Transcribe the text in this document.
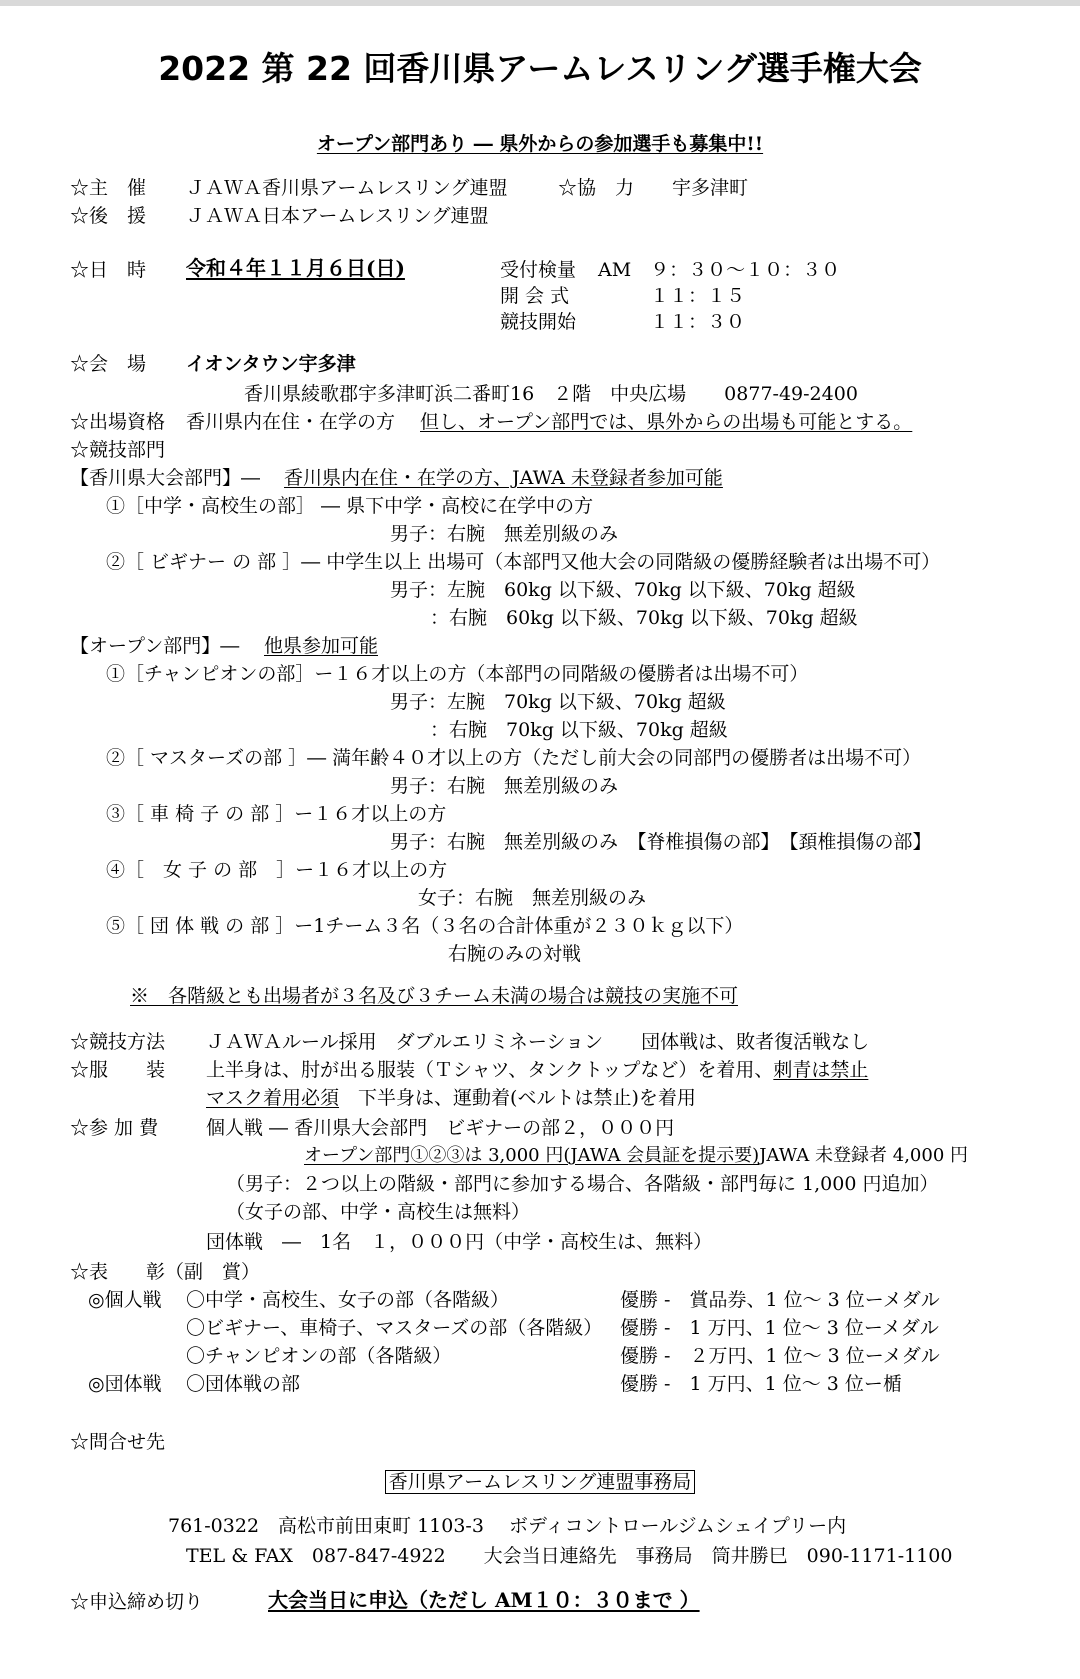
2022 第 22 回香川県アームレスリング選手権大会
オープン部門あり ― 県外からの参加選手も募集中!!
☆主　催 ＪＡＷＡ香川県アームレスリング連盟	☆協　力 宇多津町
☆後　援 ＪＡＷＡ日本アームレスリング連盟
☆日　時 令和４年１１月６日(日)	受付検量 AM　９：３０～１０：３０
開 会 式	１１：１５
競技開始	１１：３０
☆会　場 イオンタウン宇多津
香川県綾歌郡宇多津町浜二番町16　２階　中央広場　　0877-49-2400
☆出場資格 香川県内在住・在学の方 但し、オープン部門では、県外からの出場も可能とする。
☆競技部門
【香川県大会部門】― 香川県内在住・在学の方、JAWA 未登録者参加可能
①［中学・高校生の部］ ― 県下中学・高校に在学中の方
男子：右腕　無差別級のみ
②［ ビギナー の 部 ］― 中学生以上 出場可（本部門又他大会の同階級の優勝経験者は出場不可）
男子：左腕　60kg 以下級、70kg 以下級、70kg 超級
：右腕　60kg 以下級、70kg 以下級、70kg 超級
【オープン部門】― 他県参加可能
①［チャンピオンの部］ー１６才以上の方（本部門の同階級の優勝者は出場不可）
男子：左腕　70kg 以下級、70kg 超級
：右腕　70kg 以下級、70kg 超級
②［ マスターズの部 ］― 満年齢４０才以上の方（ただし前大会の同部門の優勝者は出場不可）
男子：右腕　無差別級のみ
③［ 車 椅 子 の 部 ］ー１６才以上の方
男子：右腕　無差別級のみ　【脊椎損傷の部】　【頚椎損傷の部】
④［　女 子 の 部　］ー１６才以上の方
女子：右腕　無差別級のみ
⑤［ 団 体 戦 の 部 ］ー1チーム３名（３名の合計体重が２３０ｋｇ以下）
右腕のみの対戦
※　各階級とも出場者が３名及び３チーム未満の場合は競技の実施不可
☆競技方法 ＪＡＷＡルール採用　ダブルエリミネーション　　団体戦は、敗者復活戦なし
☆服　　装 上半身は、肘が出る服装（Ｔシャツ、タンクトップなど）を着用、刺青は禁止
マスク着用必須　 下半身は、運動着(ベルトは禁止)を着用
☆参 加 費	個人戦 ― 香川県大会部門　ビギナーの部２，０００円
オープン部門①②③は 3,000 円(JAWA 会員証を提示要)JAWA 未登録者 4,000 円
（男子：２つ以上の階級・部門に参加する場合、各階級・部門毎に 1,000 円追加）
（女子の部、中学・高校生は無料）
団体戦　―　1名　１，０００円（中学・高校生は、無料）
☆表　　彰（副　賞）
◎個人戦 〇中学・高校生、女子の部（各階級）	優勝 -　賞品券、1 位～ 3 位ーメダル
〇ビギナー、車椅子、マスターズの部（各階級） 優勝 -　1 万円、1 位～ 3 位ーメダル
〇チャンピオンの部（各階級）	優勝 -　２万円、1 位～ 3 位ーメダル
◎団体戦 〇団体戦の部	優勝 -　1 万円、1 位～ 3 位ー楯
☆問合せ先
香川県アームレスリング連盟事務局
761-0322　高松市前田東町 1103-3　 ボディコントロールジムシェイプリー内
TEL & FAX　087-847-4922　　大会当日連絡先　事務局　筒井勝巳　090-1171-1100
☆申込締め切り	大会当日に申込（ただし AM１０：３０まで ）
